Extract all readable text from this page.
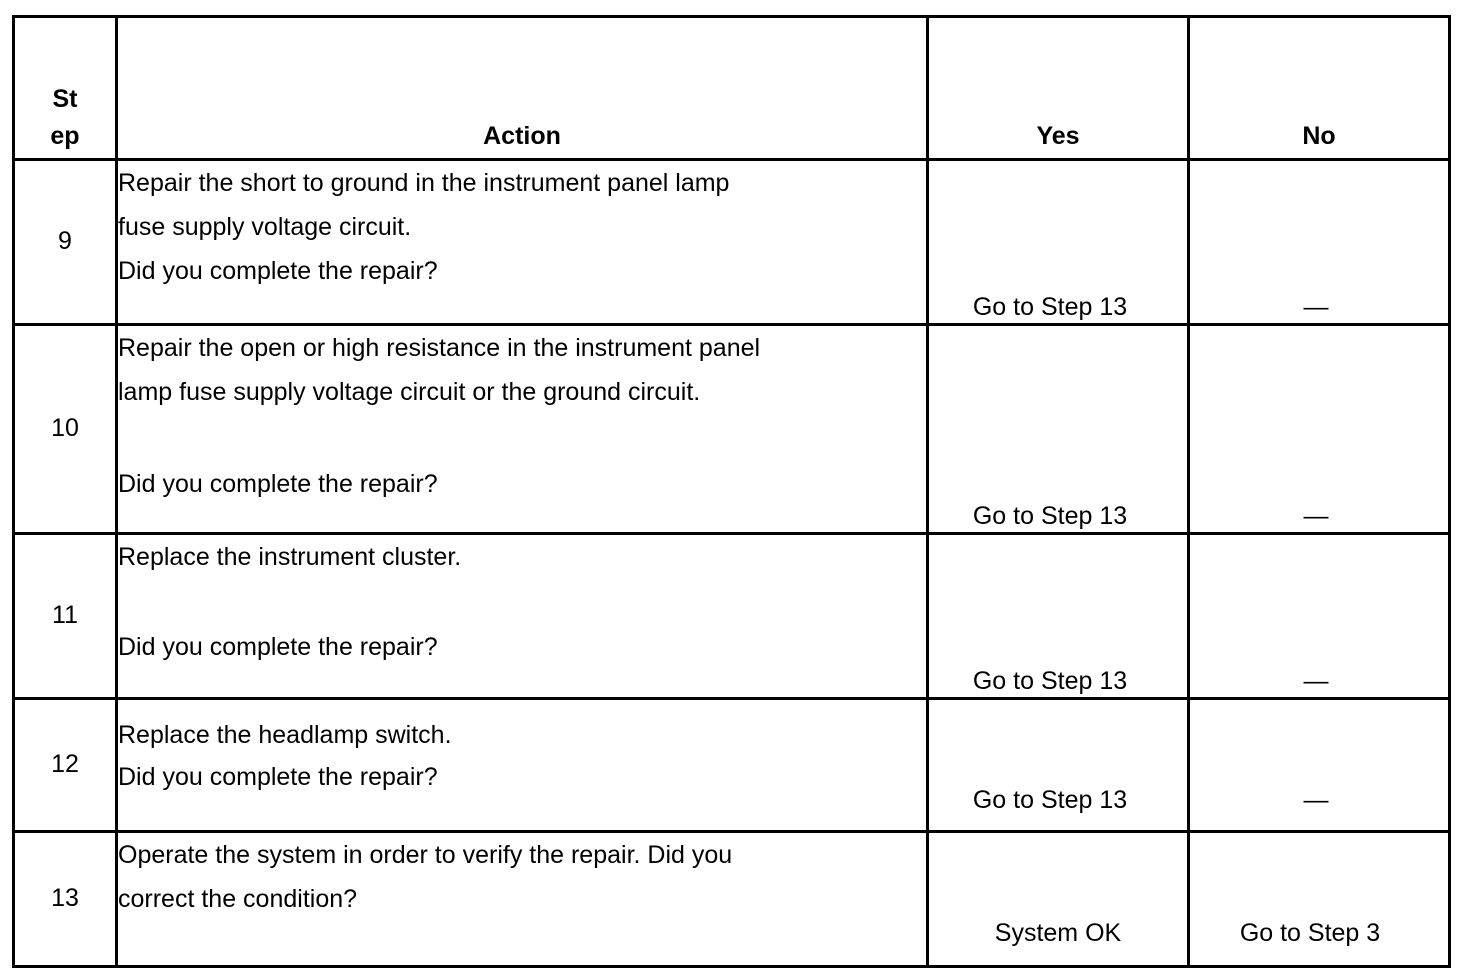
St
ep	Action	Yes	No
9	Repair the short to ground in the instrument panel lamp

fuse supply voltage circuit.

Did you complete the repair?	Go to Step 13	—
10	Repair the open or high resistance in the instrument panel

lamp fuse supply voltage circuit or the ground circuit.

Did you complete the repair?	Go to Step 13	—
11	Replace the instrument cluster.

Did you complete the repair?	Go to Step 13	—
12	Replace the headlamp switch.

Did you complete the repair?	Go to Step 13	—
13	Operate the system in order to verify the repair. Did you

correct the condition?	System OK	Go to Step 3
